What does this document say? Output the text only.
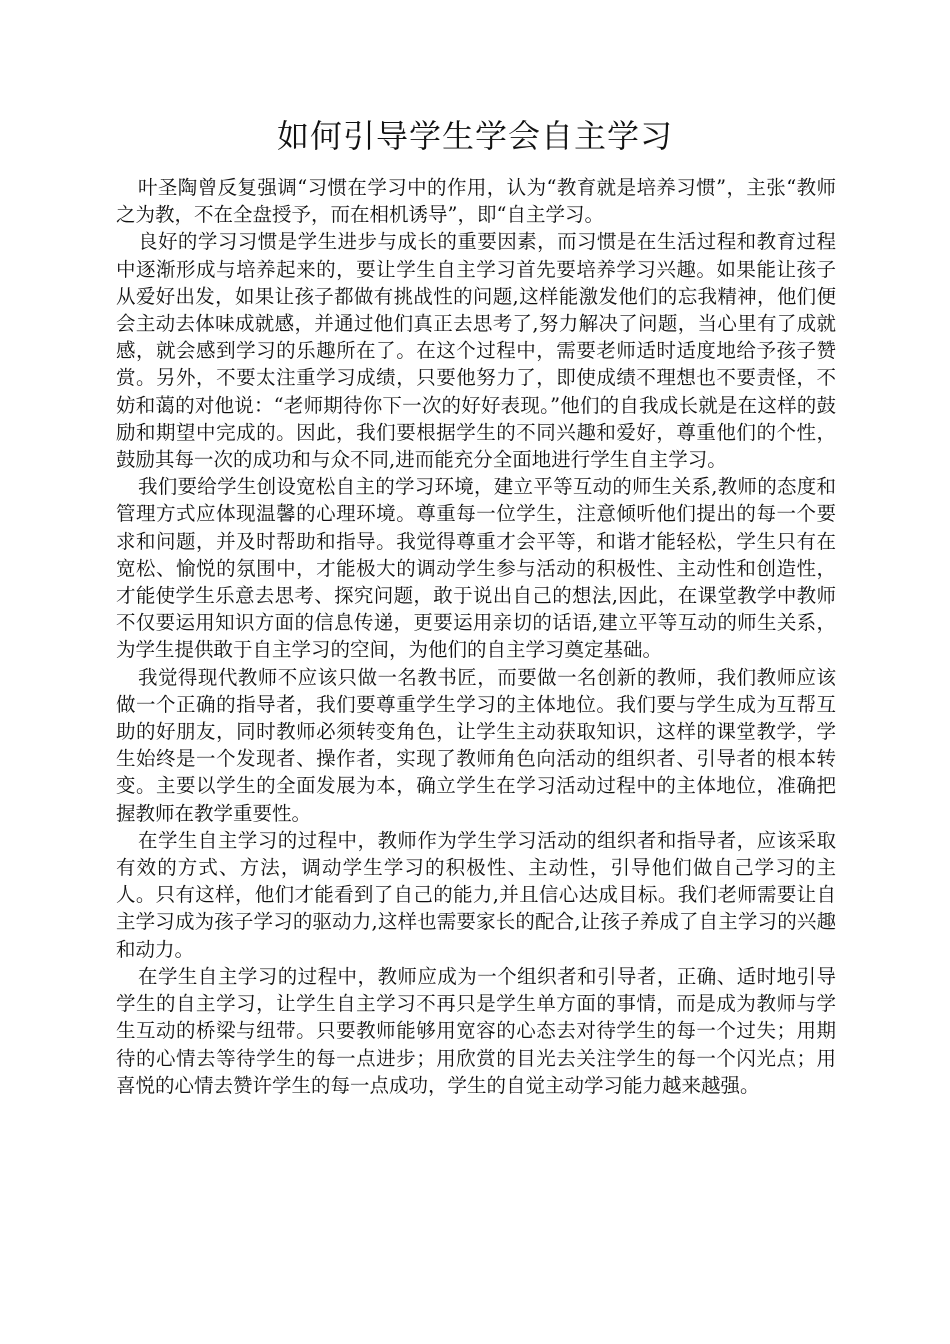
如何引导学生学会自主学习

叶圣陶曾反复强调“习惯在学习中的作用，认为“教育就是培养习惯”，主张“教师之为教，不在全盘授予，而在相机诱导”，即“自主学习。

良好的学习习惯是学生进步与成长的重要因素，而习惯是在生活过程和教育过程中逐渐形成与培养起来的，要让学生自主学习首先要培养学习兴趣。如果能让孩子从爱好出发，如果让孩子都做有挑战性的问题,这样能激发他们的忘我精神，他们便会主动去体味成就感，并通过他们真正去思考了,努力解决了问题，当心里有了成就感，就会感到学习的乐趣所在了。在这个过程中，需要老师适时适度地给予孩子赞赏。另外，不要太注重学习成绩，只要他努力了，即使成绩不理想也不要责怪，不妨和蔼的对他说：“老师期待你下一次的好好表现。”他们的自我成长就是在这样的鼓励和期望中完成的。因此，我们要根据学生的不同兴趣和爱好，尊重他们的个性，鼓励其每一次的成功和与众不同,进而能充分全面地进行学生自主学习。

我们要给学生创设宽松自主的学习环境，建立平等互动的师生关系,教师的态度和管理方式应体现温馨的心理环境。尊重每一位学生，注意倾听他们提出的每一个要求和问题，并及时帮助和指导。我觉得尊重才会平等，和谐才能轻松，学生只有在宽松、愉悦的氛围中，才能极大的调动学生参与活动的积极性、主动性和创造性，才能使学生乐意去思考、探究问题，敢于说出自己的想法,因此，在课堂教学中教师不仅要运用知识方面的信息传递，更要运用亲切的话语,建立平等互动的师生关系，为学生提供敢于自主学习的空间，为他们的自主学习奠定基础。

我觉得现代教师不应该只做一名教书匠，而要做一名创新的教师，我们教师应该做一个正确的指导者，我们要尊重学生学习的主体地位。我们要与学生成为互帮互助的好朋友，同时教师必须转变角色，让学生主动获取知识，这样的课堂教学，学生始终是一个发现者、操作者，实现了教师角色向活动的组织者、引导者的根本转变。主要以学生的全面发展为本，确立学生在学习活动过程中的主体地位，准确把握教师在教学重要性。

在学生自主学习的过程中，教师作为学生学习活动的组织者和指导者，应该采取有效的方式、方法，调动学生学习的积极性、主动性，引导他们做自己学习的主人。只有这样，他们才能看到了自己的能力,并且信心达成目标。我们老师需要让自主学习成为孩子学习的驱动力,这样也需要家长的配合,让孩子养成了自主学习的兴趣和动力。

在学生自主学习的过程中，教师应成为一个组织者和引导者，正确、适时地引导学生的自主学习，让学生自主学习不再只是学生单方面的事情，而是成为教师与学生互动的桥梁与纽带。只要教师能够用宽容的心态去对待学生的每一个过失；用期待的心情去等待学生的每一点进步；用欣赏的目光去关注学生的每一个闪光点；用喜悦的心情去赞许学生的每一点成功，学生的自觉主动学习能力越来越强。
